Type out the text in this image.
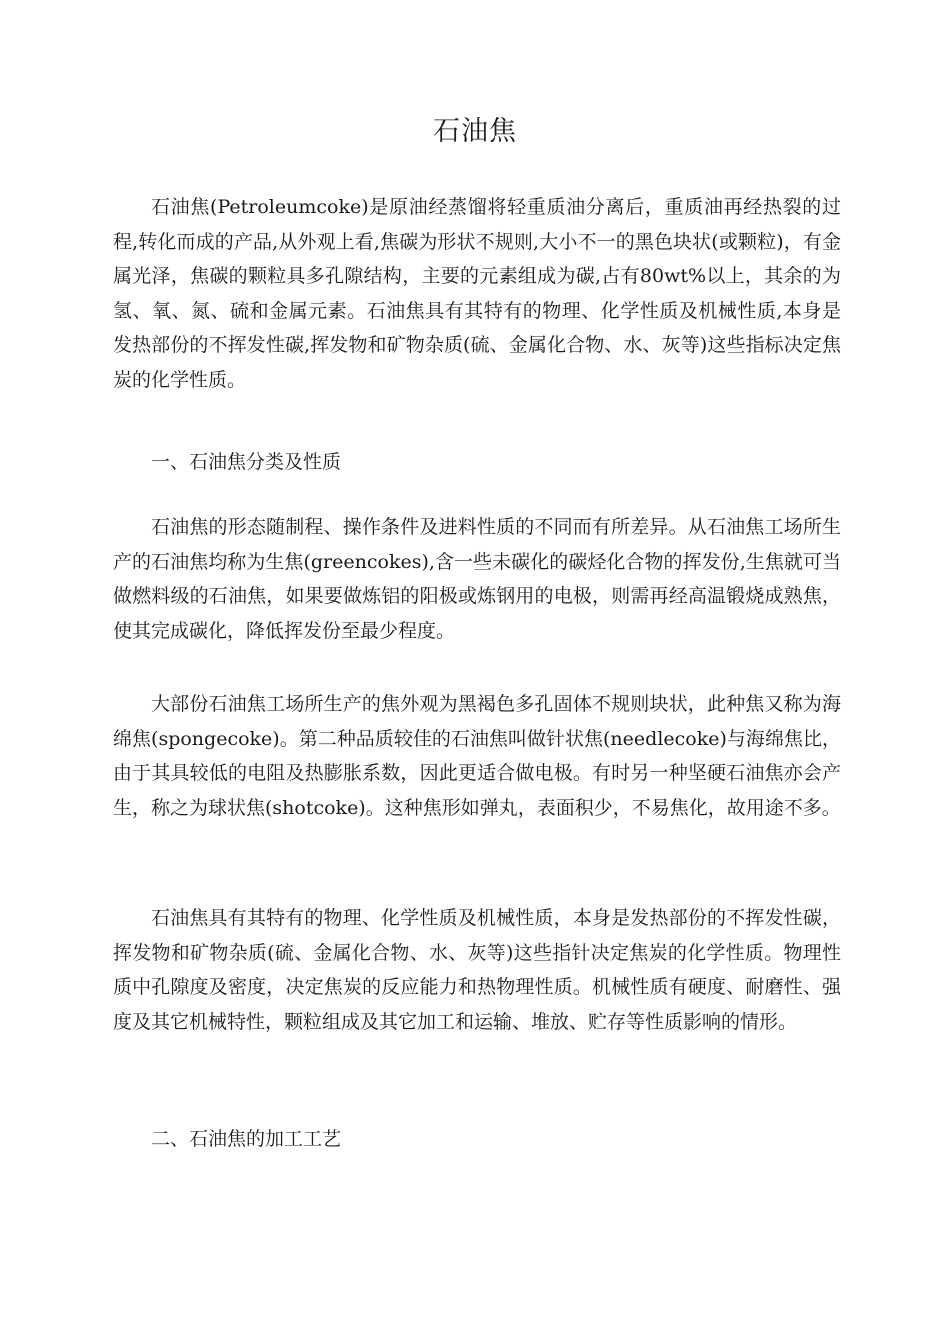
石油焦

石油焦(Petroleumcoke)是原油经蒸馏将轻重质油分离后，重质油再经热裂的过程,转化而成的产品,从外观上看,焦碳为形状不规则,大小不一的黑色块状(或颗粒)，有金属光泽，焦碳的颗粒具多孔隙结构，主要的元素组成为碳,占有80wt%以上，其余的为氢、氧、氮、硫和金属元素。石油焦具有其特有的物理、化学性质及机械性质,本身是发热部份的不挥发性碳,挥发物和矿物杂质(硫、金属化合物、水、灰等)这些指标决定焦炭的化学性质。

一、石油焦分类及性质

石油焦的形态随制程、操作条件及进料性质的不同而有所差异。从石油焦工场所生产的石油焦均称为生焦(greencokes),含一些未碳化的碳烃化合物的挥发份,生焦就可当做燃料级的石油焦，如果要做炼铝的阳极或炼钢用的电极，则需再经高温锻烧成熟焦，使其完成碳化，降低挥发份至最少程度。

大部份石油焦工场所生产的焦外观为黑褐色多孔固体不规则块状，此种焦又称为海绵焦(spongecoke)。第二种品质较佳的石油焦叫做针状焦(needlecoke)与海绵焦比，由于其具较低的电阻及热膨胀系数，因此更适合做电极。有时另一种坚硬石油焦亦会产生，称之为球状焦(shotcoke)。这种焦形如弹丸，表面积少，不易焦化，故用途不多。

石油焦具有其特有的物理、化学性质及机械性质，本身是发热部份的不挥发性碳，挥发物和矿物杂质(硫、金属化合物、水、灰等)这些指针决定焦炭的化学性质。物理性质中孔隙度及密度，决定焦炭的反应能力和热物理性质。机械性质有硬度、耐磨性、强度及其它机械特性，颗粒组成及其它加工和运输、堆放、贮存等性质影响的情形。

二、石油焦的加工工艺
